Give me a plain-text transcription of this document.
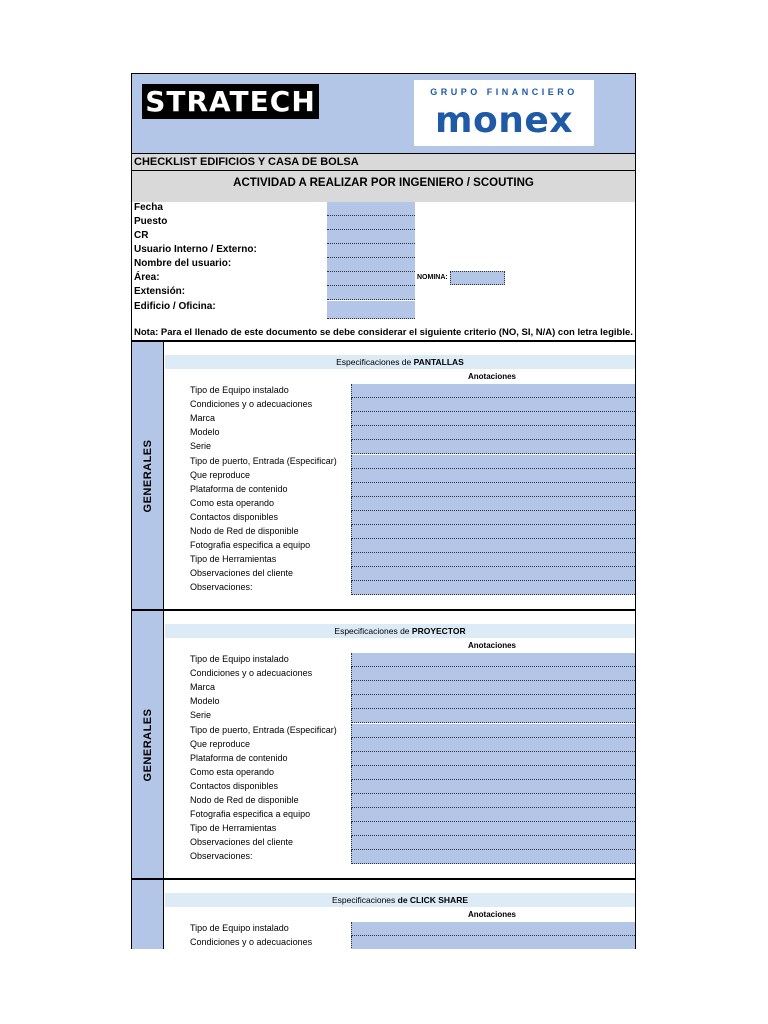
STRATECH	GRUPO FINANCIERO
monex
CHECKLIST EDIFICIOS Y CASA DE BOLSA
ACTIVIDAD A REALIZAR POR INGENIERO / SCOUTING
Fecha
Puesto
CR
Usuario Interno / Externo:
Nombre del usuario:
Área:
Extensión:
Edificio / Oficina:
NOMINA:
Nota: Para el llenado de este documento se debe considerar el siguiente criterio (NO, SI, N/A) con letra legible.
GENERALES
Especificaciones de PANTALLAS
Anotaciones
Tipo de Equipo instalado
Condiciones y o adecuaciones
Marca
Modelo
Serie
Tipo de puerto, Entrada (Especificar)
Que reproduce
Plataforma de contenido
Como esta operando
Contactos disponibles
Nodo de Red de disponible
Fotografia especifica a equipo
Tipo de Herramientas
Observaciones del cliente
Observaciones:
GENERALES
Especificaciones de PROYECTOR
Anotaciones
Tipo de Equipo instalado
Condiciones y o adecuaciones
Marca
Modelo
Serie
Tipo de puerto, Entrada (Especificar)
Que reproduce
Plataforma de contenido
Como esta operando
Contactos disponibles
Nodo de Red de disponible
Fotografia especifica a equipo
Tipo de Herramientas
Observaciones del cliente
Observaciones:
Especificaciones de CLICK SHARE
Anotaciones
Tipo de Equipo instalado
Condiciones y o adecuaciones
